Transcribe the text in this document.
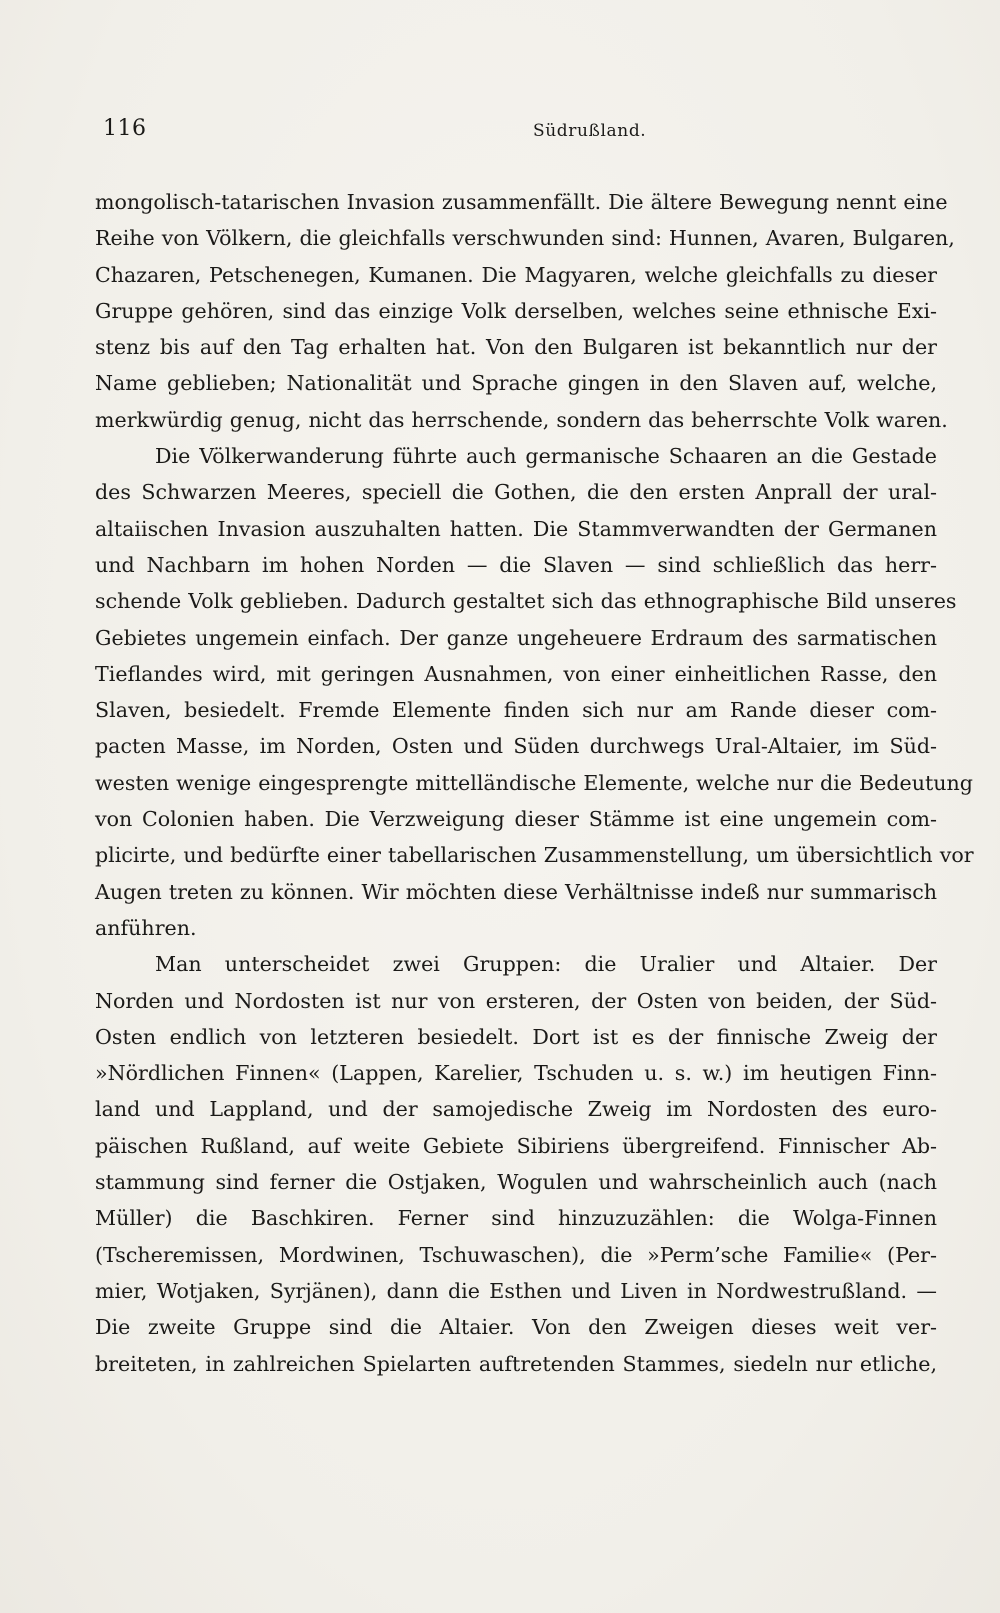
116	Südrußland.
mongolisch-tatarischen Invasion zusammenfällt. Die ältere Bewegung nennt eine
Reihe von Völkern, die gleichfalls verschwunden sind: Hunnen, Avaren, Bulgaren,
Chazaren, Petschenegen, Kumanen. Die Magyaren, welche gleichfalls zu dieser
Gruppe gehören, sind das einzige Volk derselben, welches seine ethnische Exi-
stenz bis auf den Tag erhalten hat. Von den Bulgaren ist bekanntlich nur der
Name geblieben; Nationalität und Sprache gingen in den Slaven auf, welche,
merkwürdig genug, nicht das herrschende, sondern das beherrschte Volk waren.
Die Völkerwanderung führte auch germanische Schaaren an die Gestade
des Schwarzen Meeres, speciell die Gothen, die den ersten Anprall der ural-
altaiischen Invasion auszuhalten hatten. Die Stammverwandten der Germanen
und Nachbarn im hohen Norden — die Slaven — sind schließlich das herr-
schende Volk geblieben. Dadurch gestaltet sich das ethnographische Bild unseres
Gebietes ungemein einfach. Der ganze ungeheuere Erdraum des sarmatischen
Tieflandes wird, mit geringen Ausnahmen, von einer einheitlichen Rasse, den
Slaven, besiedelt. Fremde Elemente finden sich nur am Rande dieser com-
pacten Masse, im Norden, Osten und Süden durchwegs Ural-Altaier, im Süd-
westen wenige eingesprengte mittelländische Elemente, welche nur die Bedeutung
von Colonien haben. Die Verzweigung dieser Stämme ist eine ungemein com-
plicirte, und bedürfte einer tabellarischen Zusammenstellung, um übersichtlich vor
Augen treten zu können. Wir möchten diese Verhältnisse indeß nur summarisch
anführen.
Man unterscheidet zwei Gruppen: die Uralier und Altaier. Der
Norden und Nordosten ist nur von ersteren, der Osten von beiden, der Süd-
Osten endlich von letzteren besiedelt. Dort ist es der finnische Zweig der
»Nördlichen Finnen« (Lappen, Karelier, Tschuden u. s. w.) im heutigen Finn-
land und Lappland, und der samojedische Zweig im Nordosten des euro-
päischen Rußland, auf weite Gebiete Sibiriens übergreifend. Finnischer Ab-
stammung sind ferner die Ostjaken, Wogulen und wahrscheinlich auch (nach
Müller) die Baschkiren. Ferner sind hinzuzuzählen: die Wolga-Finnen
(Tscheremissen, Mordwinen, Tschuwaschen), die »Perm’sche Familie« (Per-
mier, Wotjaken, Syrjänen), dann die Esthen und Liven in Nordwestrußland. —
Die zweite Gruppe sind die Altaier. Von den Zweigen dieses weit ver-
breiteten, in zahlreichen Spielarten auftretenden Stammes, siedeln nur etliche,
